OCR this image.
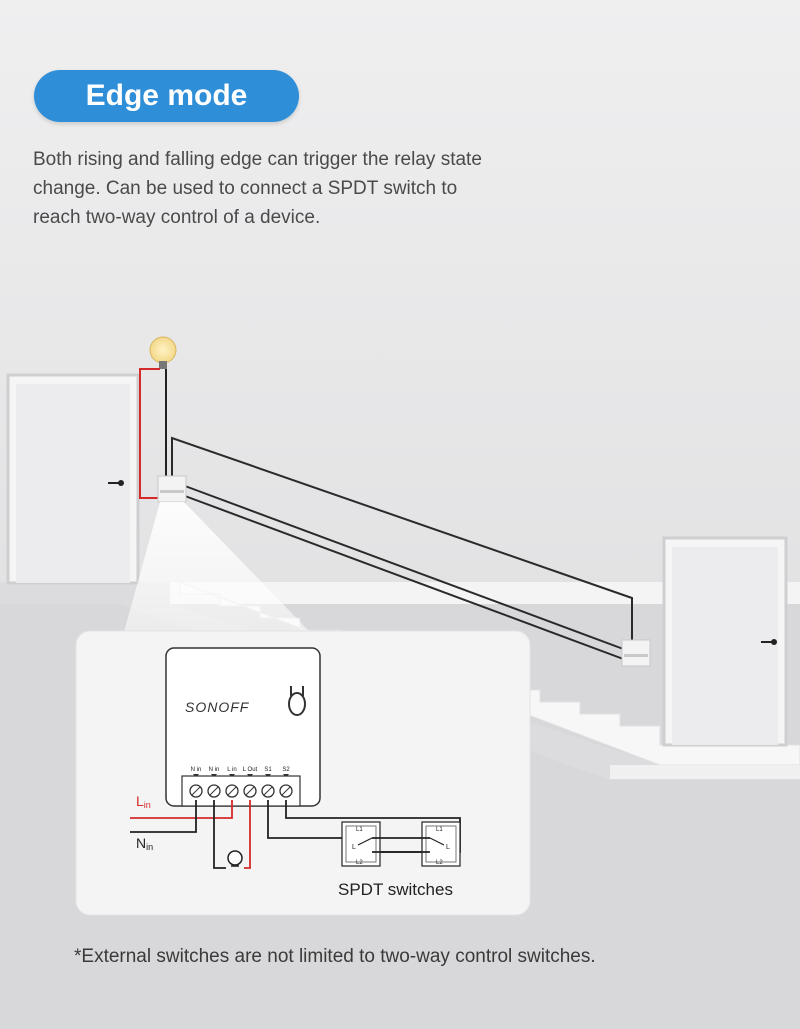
SONOFF
N in N in L in L Out S1 S2
Lin
Nin
L1
L2
L
L1
L2
L
SPDT switches
Edge mode
Both rising and falling edge can trigger the relay state
change. Can be used to connect a SPDT switch to
reach two-way control of a device.
*External switches are not limited to two-way control switches.
